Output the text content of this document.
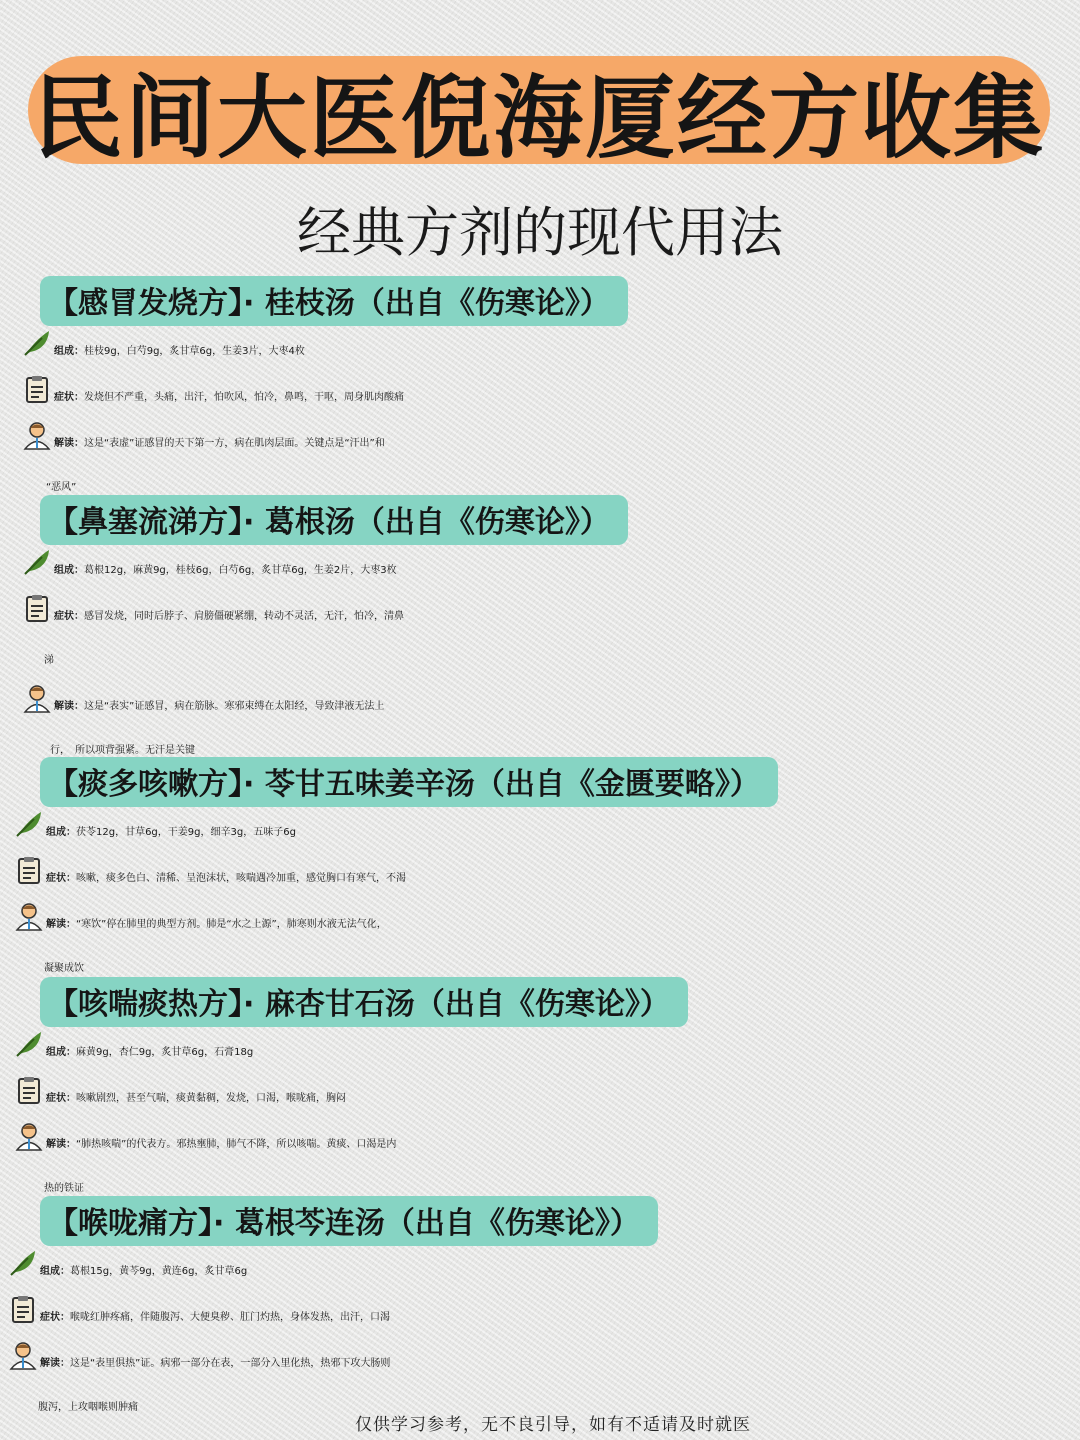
民间大医倪海厦经方收集
经典方剂的现代用法
【感冒发烧方】· 桂枝汤（出自《伤寒论》）
组成：桂枝9g，白芍9g，炙甘草6g，生姜3片，大枣4枚
症状：发烧但不严重，头痛，出汗，怕吹风，怕冷，鼻鸣，干呕，周身肌肉酸痛
解读：这是“表虚”证感冒的天下第一方，病在肌肉层面。关键点是“汗出”和
“恶风”
【鼻塞流涕方】· 葛根汤（出自《伤寒论》）
组成：葛根12g，麻黄9g，桂枝6g，白芍6g，炙甘草6g，生姜2片，大枣3枚
症状：感冒发烧，同时后脖子、肩膀僵硬紧绷，转动不灵活，无汗，怕冷，清鼻
涕
解读：这是“表实”证感冒，病在筋脉。寒邪束缚在太阳经，导致津液无法上
行，　所以项背强紧。无汗是关键
【痰多咳嗽方】· 苓甘五味姜辛汤（出自《金匮要略》）
组成：茯苓12g，甘草6g，干姜9g，细辛3g，五味子6g
症状：咳嗽，痰多色白、清稀、呈泡沫状，咳喘遇冷加重，感觉胸口有寒气，不渴
解读：“寒饮”停在肺里的典型方剂。肺是“水之上源”，肺寒则水液无法气化，
凝聚成饮
【咳喘痰热方】· 麻杏甘石汤（出自《伤寒论》）
组成：麻黄9g，杏仁9g，炙甘草6g，石膏18g
症状：咳嗽剧烈，甚至气喘，痰黄黏稠，发烧，口渴，喉咙痛，胸闷
解读：“肺热咳喘”的代表方。邪热壅肺，肺气不降，所以咳喘。黄痰、口渴是内
热的铁证
【喉咙痛方】· 葛根芩连汤（出自《伤寒论》）
组成：葛根15g，黄芩9g，黄连6g，炙甘草6g
症状：喉咙红肿疼痛，伴随腹泻、大便臭秽、肛门灼热，身体发热，出汗，口渴
解读：这是“表里俱热”证。病邪一部分在表，一部分入里化热，热邪下攻大肠则
腹泻，上攻咽喉则肿痛
仅供学习参考，无不良引导，如有不适请及时就医
